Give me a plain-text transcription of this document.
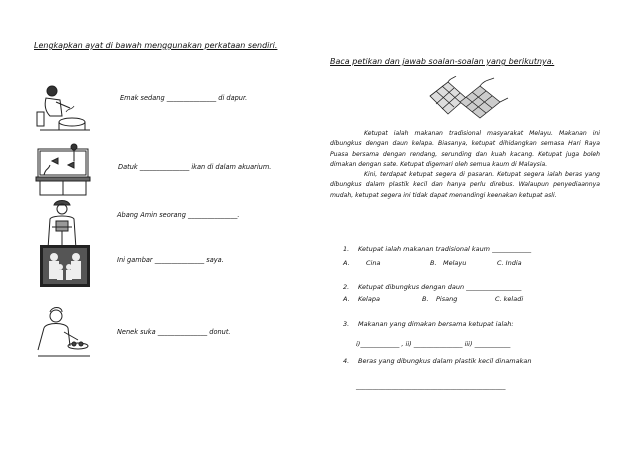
Lengkapkan ayat di bawah menggunakan perkataan sendiri.
Emak sedang _______________ di dapur.
Datuk _______________ ikan di dalam akuarium.
Abang Amin seorang _______________.
Ini gambar _______________ saya.
Nenek suka _______________ donut.
Baca petikan dan jawab soalan-soalan yang berikutnya.

Ketupat ialah makanan tradisional masyarakat Melayu. Makanan ini dibungkus dengan daun kelapa. Biasanya, ketupat dihidangkan semasa Hari Raya Puasa bersama dengan rendang, serunding dan kuah kacang. Ketupat juga boleh dimakan dengan sate. Ketupat digemari oleh semua kaum di Malaysia.

Kini, terdapat ketupat segera di pasaran. Ketupat segera ialah beras yang dibungkus dalam plastik kecil dan hanya perlu direbus. Walaupun penyediaannya mudah, ketupat segera ini tidak dapat menandingi keenakan ketupat asli.

1. Ketupat ialah makanan tradisional kaum ____________
A.	Cina	B. Melayu	C. India
2. Ketupat dibungkus dengan daun _________________
A. Kelapa	B. Pisang	C. keladi
3. Makanan yang dimakan bersama ketupat ialah:
i)____________ , ii) _______________ iii) ___________
4. Beras yang dibungkus dalam plastik kecil dinamakan
______________________________________________
